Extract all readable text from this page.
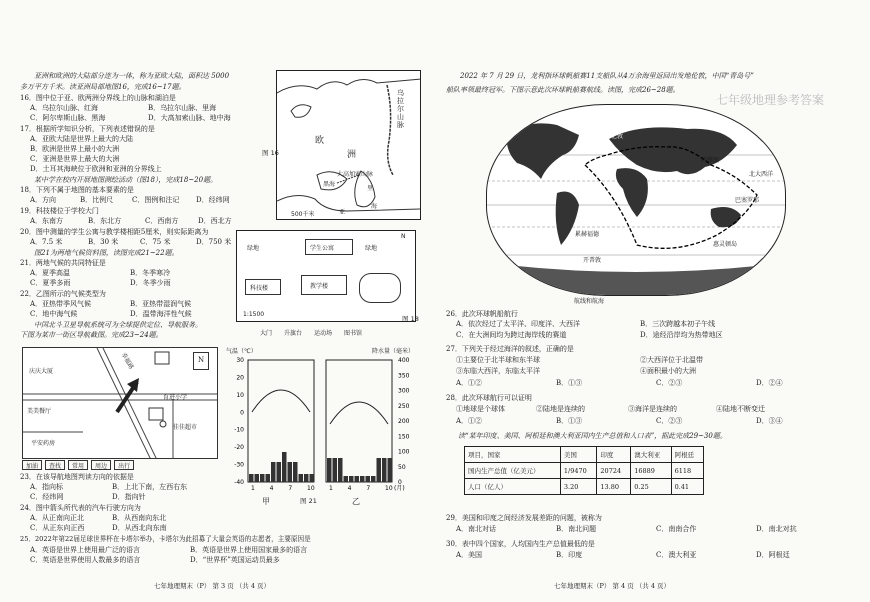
亚洲和欧洲的大陆部分连为一体，称为亚欧大陆，面积达 5000
多万平方千米。读亚洲局部地图16，完成16~17题。
16．图中位于亚、欧两洲分界线上的山脉和湖泊是
A．乌拉尔山脉、红海	B．乌拉尔山脉、里海
C．阿尔卑斯山脉、黑海	D．大高加索山脉、地中海
17．根据所学知识分析，下列表述错误的是
A．亚欧大陆是世界上最大的大陆
B．欧洲是世界上最小的大洲
C．亚洲是世界上最大的大洲
D．土耳其海峡位于欧洲和亚洲的分界线上
某中学在校内开展地图测绘活动（图18），完成18~20题。
18．下列不属于地图的基本要素的是
A．方向	B．比例尺	C．图例和注记 D．经纬网
19．科技楼位于学校大门
A．东南方	B．东北方	C．西南方	D．西北方
20．图中测量的学生公寓与教学楼相距5厘米，则实际距离为
A．7.5 米	B．30 米	C．75 米	D．750 米
图21为两地气候资料图，读图完成21~22题。
21．两地气候的共同特征是
A．夏季高温	B．冬季寒冷
C．夏季多雨	D．冬季少雨
22．乙图所示的气候类型为
A．亚热带季风气候	B．亚热带湿润气候
C．地中海气候	D．温带海洋性气候
中国北斗卫星导航系统可为全球提供定位、导航服务。
下图为某市一街区导航截图。完成23~24题。
N
庆庆大厦
美美餐厅
平安药房
育进小学
佳佳超市
幸福路
加油	查找	常用	周边	出行
23．在该导航地图判读方向的依据是
A．指向标	B．上北下南，左西右东
C．经纬网	D．指向针
24．图中箭头所代表的汽车行驶方向为
A．从正南向正北	B．从西南向东北
C．从正东向正西	D．从西北向东南
25．2022年第22届足球世界杯在卡塔尔举办，卡塔尔为此招募了大量会英语的志愿者，主要原因是
A．英语是世界上使用最广泛的语言	B．英语是世界上使用国家最多的语言
C．英语是世界使用人数最多的语言	D．“世界杯”英国运动员最多
七年地理期末（P） 第 3 页 （共 4 页）
乌拉尔山脉
欧
洲
大高加索山脉
黑海
里
海
亚
500千米
图 16
绿地	学生公寓	绿地
科技楼	教学楼
1:1500
N
图 18
大门 升旗台 运动场 图书馆
气温（℃）	降水量（毫米）
30
20
10
0
-10
-20
-30
-40
400
350
300
250
200
150
100
50
0
1 4 7 10 1 4 7 10 (月)
甲	图 21	乙
2022 年 7 月 29 日，龙利指环球帆船赛11支船队从4万余海里返回出发地伦敦，中国“青岛号”
船队率领最终冠军。下图示意此次环球帆船赛航线。读图，完成26~28题。
七年级地理参考答案
伦敦
西雅图
北大西洋
巴塞罗那
累赫福德
开普敦
惠灵顿岛
航线和航海
26．此次环球帆船航行
A．依次经过了太平洋、印度洋、大西洋	B．三次跨越本初子午线
C．在大洲间均为跨过海岸线的赛道	D．途经沿岸均为热带地区
27．下列关于经过海洋的叙述，正确的是
①主要位于北半球和东半球	②大西洋位于北温带
③东临大西洋，东临太平洋	④面积最小的大洲
A．①②	B．①③	C．②③	D．②④
28．此次环球航行可以证明
①地球是个球体	②陆地是连续的	③海洋是连续的	④陆地不断变迁
A．①②	B．①③	C．②③	D．③④
读“某年印度、美国、阿根廷和澳大利亚国内生产总值和人口表”，据此完成29~30题。
项目，国家	美国	印度	澳大利亚	阿根廷
国内生产总值（亿美元）	1/9470	20724	16889	6118
人口（亿人）	3.20	13.80	0.25	0.41
29．美国和印度之间经济发展差距的问题，被称为
A．南北对话	B．南北问题	C．南南合作	D．南北对抗
30．表中四个国家，人均国内生产总值最低的是
A．美国	B．印度	C．澳大利亚	D．阿根廷
七年地理期末（P） 第 4 页 （共 4 页）
